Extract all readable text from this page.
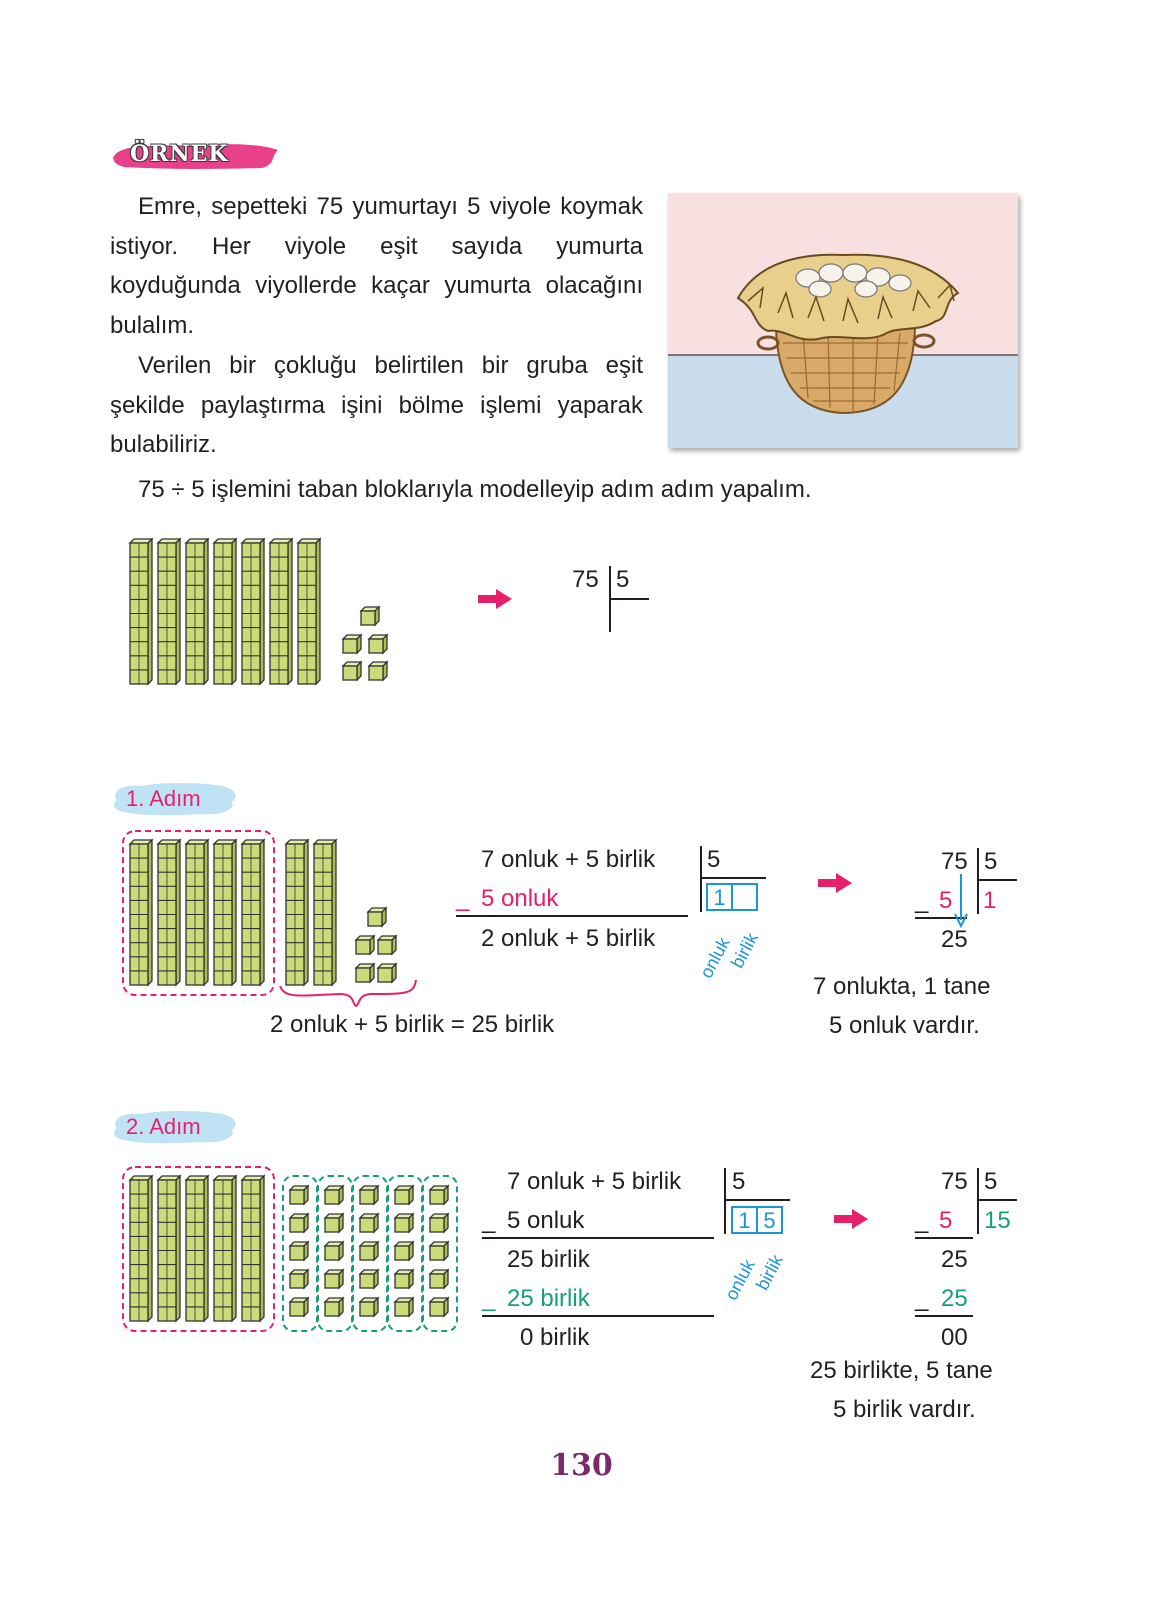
ÖRNEK
Emre, sepetteki 75 yumurtayı 5 viyole koymak istiyor. Her viyole eşit sayıda yumurta koyduğunda viyollerde kaçar yumurta olacağını bulalım.
Verilen bir çokluğu belirtilen bir gruba eşit şekilde paylaştırma işini bölme işlemi yaparak bulabiliriz.
75 ÷ 5 işlemini taban bloklarıyla modelleyip adım adım yapalım.
75 5
1. Adım
2 onluk + 5 birlik = 25 birlik
7 onluk + 5 birlik
_ 5 onluk
2 onluk + 5 birlik
5
1
onluk
birlik
75 5
1
_ 5
25
7 onlukta, 1 tane
5 onluk vardır.
2. Adım
7 onluk + 5 birlik
_ 5 onluk
25 birlik
_ 25 birlik
0 birlik
5
1 5
onluk
birlik
75 5
15
_ 5
25
_ 25
00
25 birlikte, 5 tane
5 birlik vardır.
130
